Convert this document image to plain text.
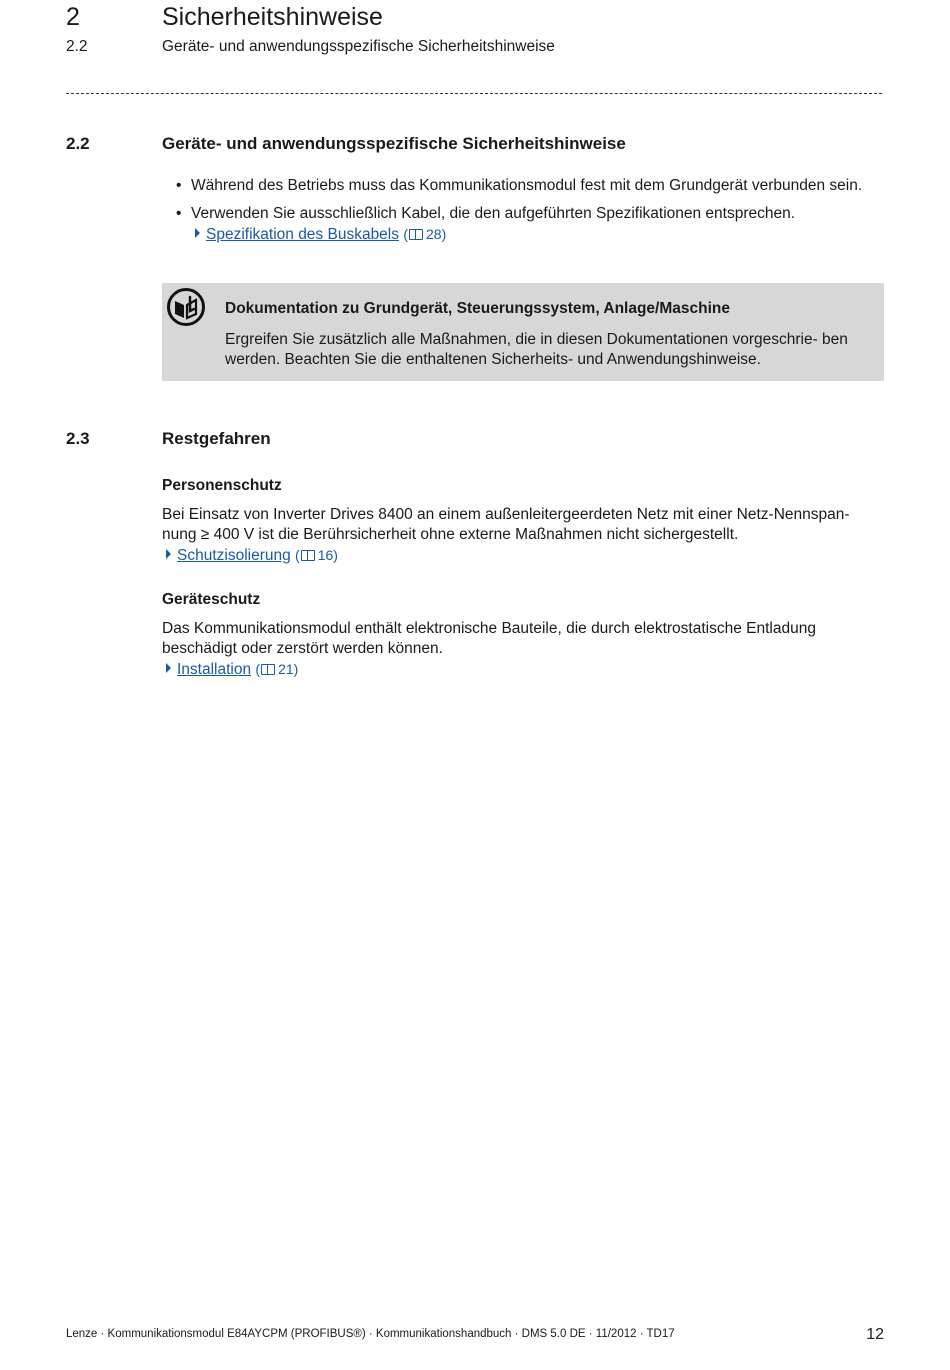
2	Sicherheitshinweise
2.2	Geräte- und anwendungsspezifische Sicherheitshinweise
2.2	Geräte- und anwendungsspezifische Sicherheitshinweise
• Während des Betriebs muss das Kommunikationsmodul fest mit dem Grundgerät verbunden sein.
• Verwenden Sie ausschließlich Kabel, die den aufgeführten Spezifikationen entsprechen.
Spezifikation des Buskabels ( 28)
Dokumentation zu Grundgerät, Steuerungssystem, Anlage/Maschine
Ergreifen Sie zusätzlich alle Maßnahmen, die in diesen Dokumentationen vorgeschrie- ben werden. Beachten Sie die enthaltenen Sicherheits- und Anwendungshinweise.
2.3	Restgefahren
Personenschutz
Bei Einsatz von Inverter Drives 8400 an einem außenleitergeerdeten Netz mit einer Netz-Nennspan- nung ≥ 400 V ist die Berührsicherheit ohne externe Maßnahmen nicht sichergestellt.
Schutzisolierung ( 16)
Geräteschutz
Das Kommunikationsmodul enthält elektronische Bauteile, die durch elektrostatische Entladung beschädigt oder zerstört werden können.
Installation ( 21)
Lenze · Kommunikationsmodul E84AYCPM (PROFIBUS®) · Kommunikationshandbuch · DMS 5.0 DE · 11/2012 · TD17	12
